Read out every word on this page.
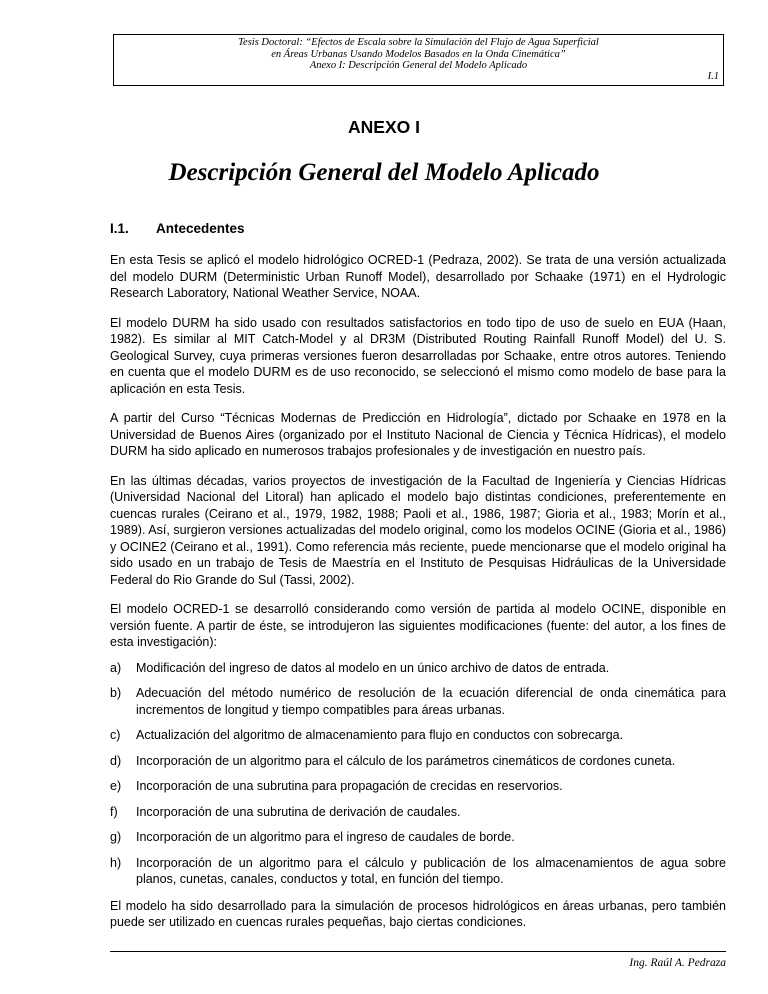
Tesis Doctoral: “Efectos de Escala sobre la Simulación del Flujo de Agua Superficial
en Áreas Urbanas Usando Modelos Basados en la Onda Cinemática”
Anexo I: Descripción General del Modelo Aplicado
I.1
ANEXO I
Descripción General del Modelo Aplicado
I.1. Antecedentes

En esta Tesis se aplicó el modelo hidrológico OCRED-1 (Pedraza, 2002). Se trata de una versión actualizada del modelo DURM (Deterministic Urban Runoff Model), desarrollado por Schaake (1971) en el Hydrologic Research Laboratory, National Weather Service, NOAA.

El modelo DURM ha sido usado con resultados satisfactorios en todo tipo de uso de suelo en EUA (Haan, 1982). Es similar al MIT Catch-Model y al DR3M (Distributed Routing Rainfall Runoff Model) del U. S. Geological Survey, cuya primeras versiones fueron desarrolladas por Schaake, entre otros autores. Teniendo en cuenta que el modelo DURM es de uso reconocido, se seleccionó el mismo como modelo de base para la aplicación en esta Tesis.

A partir del Curso “Técnicas Modernas de Predicción en Hidrología”, dictado por Schaake en 1978 en la Universidad de Buenos Aires (organizado por el Instituto Nacional de Ciencia y Técnica Hídricas), el modelo DURM ha sido aplicado en numerosos trabajos profesionales y de investigación en nuestro país.

En las últimas décadas, varios proyectos de investigación de la Facultad de Ingeniería y Ciencias Hídricas (Universidad Nacional del Litoral) han aplicado el modelo bajo distintas condiciones, preferentemente en cuencas rurales (Ceirano et al., 1979, 1982, 1988; Paoli et al., 1986, 1987; Gioria et al., 1983; Morín et al., 1989). Así, surgieron versiones actualizadas del modelo original, como los modelos OCINE (Gioria et al., 1986) y OCINE2 (Ceirano et al., 1991). Como referencia más reciente, puede mencionarse que el modelo original ha sido usado en un trabajo de Tesis de Maestría en el Instituto de Pesquisas Hidráulicas de la Universidade Federal do Rio Grande do Sul (Tassi, 2002).

El modelo OCRED-1 se desarrolló considerando como versión de partida al modelo OCINE, disponible en versión fuente. A partir de éste, se introdujeron las siguientes modificaciones (fuente: del autor, a los fines de esta investigación):

a)	Modificación del ingreso de datos al modelo en un único archivo de datos de entrada.
b)	Adecuación del método numérico de resolución de la ecuación diferencial de onda cinemática para incrementos de longitud y tiempo compatibles para áreas urbanas.
c)	Actualización del algoritmo de almacenamiento para flujo en conductos con sobrecarga.
d)	Incorporación de un algoritmo para el cálculo de los parámetros cinemáticos de cordones cuneta.
e)	Incorporación de una subrutina para propagación de crecidas en reservorios.
f)	Incorporación de una subrutina de derivación de caudales.
g)	Incorporación de un algoritmo para el ingreso de caudales de borde.
h)	Incorporación de un algoritmo para el cálculo y publicación de los almacenamientos de agua sobre planos, cunetas, canales, conductos y total, en función del tiempo.

El modelo ha sido desarrollado para la simulación de procesos hidrológicos en áreas urbanas, pero también puede ser utilizado en cuencas rurales pequeñas, bajo ciertas condiciones.

Ing. Raúl A. Pedraza
